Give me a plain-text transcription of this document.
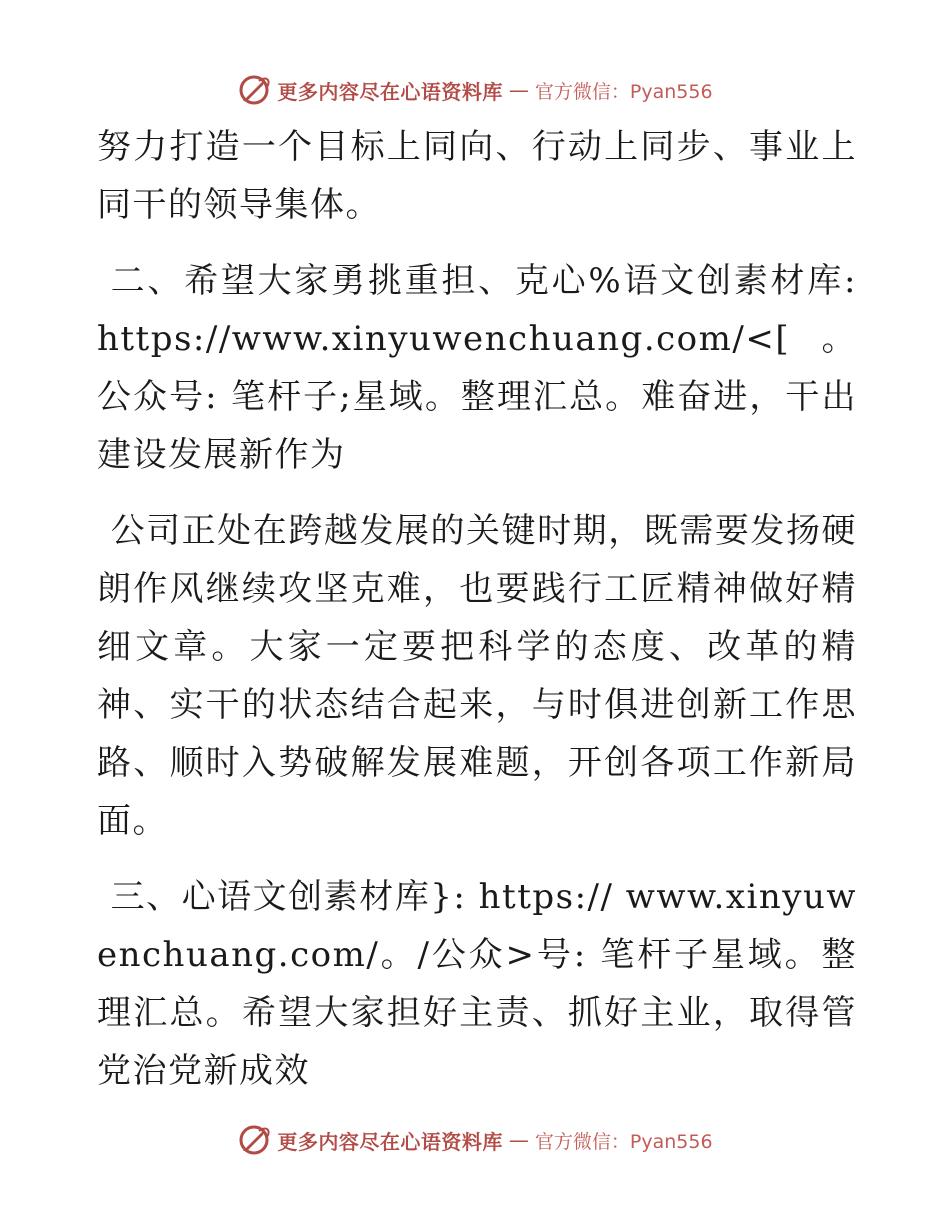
更多内容尽在心语资料库 — 官方微信：Pyan556

努力打造一个目标上同向、行动上同步、事业上同干的领导集体。

二、希望大家勇挑重担、克心%语文创素材库: https://www.xinyuwenchuang.com/<[。公众号: 笔杆子;星域。整理汇总。难奋进，干出建设发展新作为

公司正处在跨越发展的关键时期，既需要发扬硬朗作风继续攻坚克难，也要践行工匠精神做好精细文章。大家一定要把科学的态度、改革的精神、实干的状态结合起来，与时俱进创新工作思路、顺时入势破解发展难题，开创各项工作新局面。

三、心语文创素材库}: https:// www.xinyuwenchuang.com/。/公众>号: 笔杆子星域。整理汇总。希望大家担好主责、抓好主业，取得管党治党新成效

更多内容尽在心语资料库 — 官方微信：Pyan556
